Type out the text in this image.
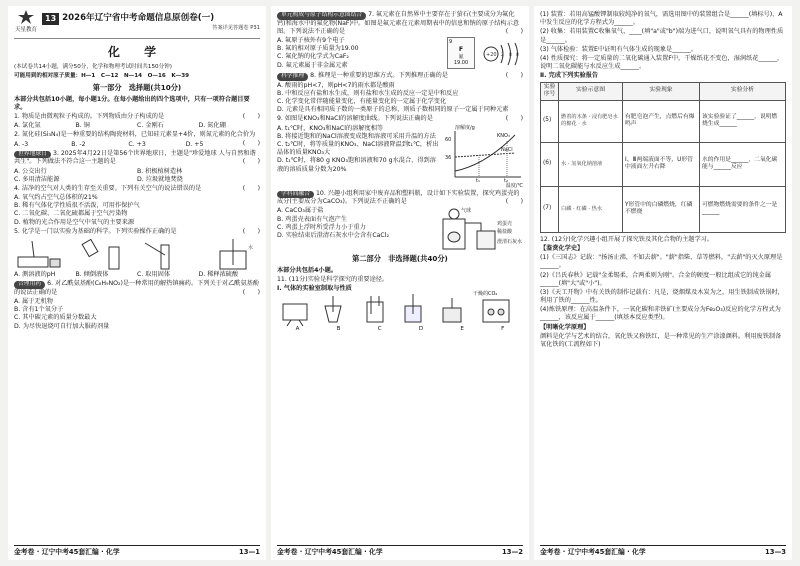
天星教育
13 2026年辽宁省中考命题信息原创卷(一)
答案详见答题卷 P31
化 学
(本试卷共14小题，满分50分，化学和物理考试时间共150分钟)
可能用到的相对原子质量：H—1　C—12　N—14　O—16　K—39
第一部分　选择题(共10分)
本部分共包括10小题，每小题1分。在每小题给出的四个选项中，只有一项符合题目要求。
1. 物质是由微观粒子构成的。下列物质由分子构成的是	(　　)
A. 氯化氩	B. 铜	C. 金刚石	D. 氮化硼
2. 氮化硅(Si₃N₄)是一种重要的结构陶瓷材料，已知硅元素显+4价，则氮元素的化合价为
(　　)
A. -3	B. -2	C. +3	D. +5
世界地球日 3. 2025年4月22日是第56个世界地球日，主题是"珍爱地球 人与自然和谐共生"。下列做法不符合这一主题的是	(　　)
A. 公交出行	B. 积极植树造林
C. 多用清洁能源	D. 垃圾就地焚烧
4. 洁净的空气对人类的生存至关重要。下列有关空气的说法错误的是	(　　)
A. 氧气约占空气总体积的21%
B. 稀有气体化学性质很不活泼，可用作保护气
C. 二氧化碳、二氧化硫都属于空气污染物
D. 植物的光合作用是空气中氧气的主要来源
5. 化学是一门以实验为基础的科学。下列实验操作正确的是	(　　)
水
A. 测溶液的pH	B. 倾倒液体	C. 取用固体	D. 稀释浓硫酸
合理用药 6. 对乙酰氨基酚(C₈H₉NO₂)是一种常用的解热镇痛药。下列关于对乙酰氨基酚的说法正确的是	(　　)
A. 属于无机物
B. 含有1个氧分子
C. 其中碳元素的质量分数最大
D. 为尽快退烧可自行加大服药剂量
金考卷 · 辽宁中考45套汇编 · 化学	13—1
单元构成与原子结构示意图结合 7. 氟元素在自然界中主要存在于萤石(主要成分为氟化钙)和海水中的氟化物(NaF)中。如图是氟元素在元素周期表中的信息和钠的原子结构示意图。下列说法不正确的是	(　　)
A. 氟原子核外有9个电子
B. 氟的相对原子质量为19.00
C. 氟化钠的化学式为CaF₂
D. 氟元素属于非金属元素
9
F
氟
19.00
+20 2 8 8
科学推理 8. 推理是一种重要的思维方式。下列推理正确的是	(　　)
A. 酸雨的pH<7，则pH<7的雨水都是酸雨
B. 中和反应有盐和水生成，则有盐和水生成的反应一定是中和反应
C. 化学变化常伴随能量变化，有能量变化的一定属于化学变化
D. 元素是具有相同质子数的一类原子的总称，则质子数相同的原子一定属于同种元素
9. 如图是KNO₃和NaCl的溶解度曲线。下列说法正确的是	(　　)
A. t₁℃时，KNO₃和NaCl的溶解度相等
B. 将接近饱和的NaCl溶液变成饱和溶液可采用升温的方法
C. t₂℃时，将等质量的KNO₃、NaCl溶液降温到t₁℃，析出晶体的质量KNO₃大
D. t₁℃时，将80 g KNO₃饱和溶液和70 g水混合，得到溶液的溶质质量分数为20%
溶解度/g
KNO₃
NaCl
60
36
t₁	t₂
温度/℃
学科间融合 10. 兴趣小组利用家中废弃品和塑料瓶，设计如下实验装置，探究鸡蛋壳的成分(主要成分为CaCO₃)。下列说法不正确的是	(　　)
A. CaCO₃属于盐
B. 鸡蛋壳表面有气泡产生
C. 鸡蛋上浮时所受浮力小于重力
D. 实验结束后澄清石灰水中会含有CaCl₂
气球
鸡蛋壳
稀盐酸
澄清石灰水
第二部分　非选择题(共40分)
本部分共包括4小题。
11. (11分)实验是科学探究的重要途径。
Ⅰ. 气体的实验室制取与性质
干燥的CO₂
A	B	C	D	E	F
金考卷 · 辽宁中考45套汇编 · 化学	13—2
(1) 装置：若用高锰酸钾制取较纯净的氧气，需选用图中的装置组合是______(填标号)，A中发生反应的化学方程式为______。
(2) 收集：若用装置C收集氧气，____(填"a"或"b")端为进气口，说明氧气具有的物理性质是______。
(3) 气体检验：装置E中证明有气体生成的现象是______。
(4) 性质探究：将一定质量的二氧化碳通入装置F中，干燥纸花不变色，湿润纸花______，说明二氧化碳能与水反应生成______。
Ⅱ. 完成下列实验报告
实验序号	实验示意图	实验现象	实验分析
(5)	燃着的木条 · 浸有肥皂水的棉花 · 水	有肥皂泡产生，点燃后有爆鸣声	该实验验证了______，说明燃烧生成______
(6)	水 · 氢氧化钠溶液	Ⅰ、Ⅲ两端液面不等，U形管中液面左升右降	水的作用是______，二氧化碳能与______反应
(7)	白磷 · 红磷 · 热水	Y形管中的白磷燃烧，红磷不燃烧	可燃物燃烧需要的条件之一是______
12. (12分)化学兴趣小组开展了探究铁及其化合物的主题学习。
【鉴赏化学史】
(1)《三国志》记载："扬汤止沸，不如去薪"。"薪"指柴、草等燃料，"去薪"的灭火原理是______。
(2)《吕氏春秋》记载"金柔锡柔，合两柔则为刚"。合金的硬度一般比组成它的纯金属______(填"大"或"小")。
(3)《天工开物》中有关铁的制作记载有：凡是，烧烟煤及木炭为之，用生铁制成铁锅时，利用了铁的______性。
(4)炼铁原理：在高温条件下，一氧化碳和赤铁矿(主要成分为Fe₂O₃)反应的化学方程式为______，该反应属于______(填基本反应类型)。
【明晰化学原理】
颜料是化学与艺术的结合，氧化铁又称铁红，是一种常见的生产涂漆颜料。利用废铁制备氧化铁的(工流程如下)
金考卷 · 辽宁中考45套汇编 · 化学	13—3
